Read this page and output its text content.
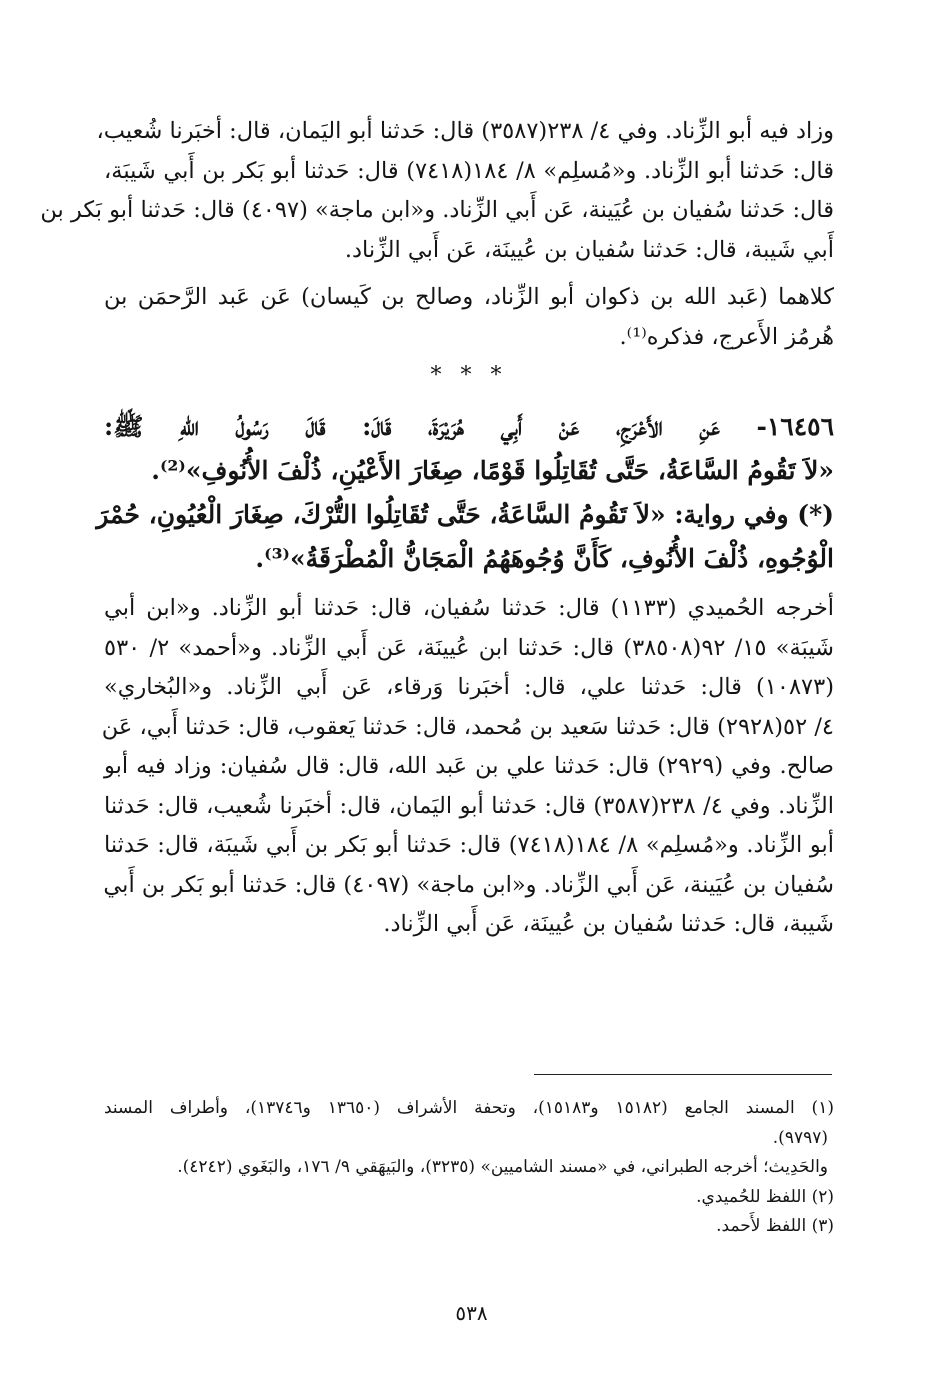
وزاد فيه أبو الزِّناد. وفي ٤/ ٢٣٨(٣٥٨٧) قال: حَدثنا أبو اليَمان، قال: أخبَرنا شُعيب،
قال: حَدثنا أبو الزِّناد. و«مُسلِم» ٨/ ١٨٤(٧٤١٨) قال: حَدثنا أبو بَكر بن أَبي شَيبَة،
قال: حَدثنا سُفيان بن عُيَينة، عَن أَبي الزِّناد. و«ابن ماجة» (٤٠٩٧) قال: حَدثنا أبو بَكر بن
أَبي شَيبة، قال: حَدثنا سُفيان بن عُيينَة، عَن أَبي الزِّناد.
كلاهما (عَبد الله بن ذكوان أبو الزِّناد، وصالح بن كَيسان) عَن عَبد الرَّحمَن بن
هُرمُز الأَعرج، فذكره⁽¹⁾.
* * *
١٦٤٥٦- عَنِ الأَعْرَجِ، عَنْ أَبِي هُرَيْرَةَ، قَالَ: قَالَ رَسُولُ اللهِ ﷺ:
«لاَ تَقُومُ السَّاعَةُ، حَتَّى تُقَاتِلُوا قَوْمًا، صِغَارَ الأَعْيُنِ، ذُلْفَ الأُنُوفِ»⁽²⁾.
(*) وفي رواية: «لاَ تَقُومُ السَّاعَةُ، حَتَّى تُقَاتِلُوا التُّرْكَ، صِغَارَ الْعُيُونِ، حُمْرَ
الْوُجُوهِ، ذُلْفَ الأُنُوفِ، كَأَنَّ وُجُوهَهُمُ الْمَجَانُّ الْمُطْرَقَةُ»⁽³⁾.
أخرجه الحُميدي (١١٣٣) قال: حَدثنا سُفيان، قال: حَدثنا أبو الزِّناد. و«ابن أبي
شَيبَة» ١٥/ ٩٢(٣٨٥٠٨) قال: حَدثنا ابن عُيينَة، عَن أَبي الزِّناد. و«أحمد» ٢/ ٥٣٠
(١٠٨٧٣) قال: حَدثنا علي، قال: أخبَرنا وَرقاء، عَن أَبي الزِّناد. و«البُخاري»
٤/ ٥٢(٢٩٢٨) قال: حَدثنا سَعيد بن مُحمد، قال: حَدثنا يَعقوب، قال: حَدثنا أَبي، عَن
صالح. وفي (٢٩٢٩) قال: حَدثنا علي بن عَبد الله، قال: قال سُفيان: وزاد فيه أبو
الزِّناد. وفي ٤/ ٢٣٨(٣٥٨٧) قال: حَدثنا أبو اليَمان، قال: أخبَرنا شُعيب، قال: حَدثنا
أبو الزِّناد. و«مُسلِم» ٨/ ١٨٤(٧٤١٨) قال: حَدثنا أبو بَكر بن أَبي شَيبَة، قال: حَدثنا
سُفيان بن عُيَينة، عَن أَبي الزِّناد. و«ابن ماجة» (٤٠٩٧) قال: حَدثنا أبو بَكر بن أَبي
شَيبة، قال: حَدثنا سُفيان بن عُيينَة، عَن أَبي الزِّناد.
(١) المسند الجامع (١٥١٨٢ و١٥١٨٣)، وتحفة الأشراف (١٣٦٥٠ و١٣٧٤٦)، وأطراف المسند
(٩٧٩٧).
والحَدِيث؛ أخرجه الطبراني، في «مسند الشاميين» (٣٢٣٥)، والبَيهَقي ٩/ ١٧٦، والبَغَوي (٤٢٤٢).
(٢) اللفظ للحُميدي.
(٣) اللفظ لأَحمد.
٥٣٨
